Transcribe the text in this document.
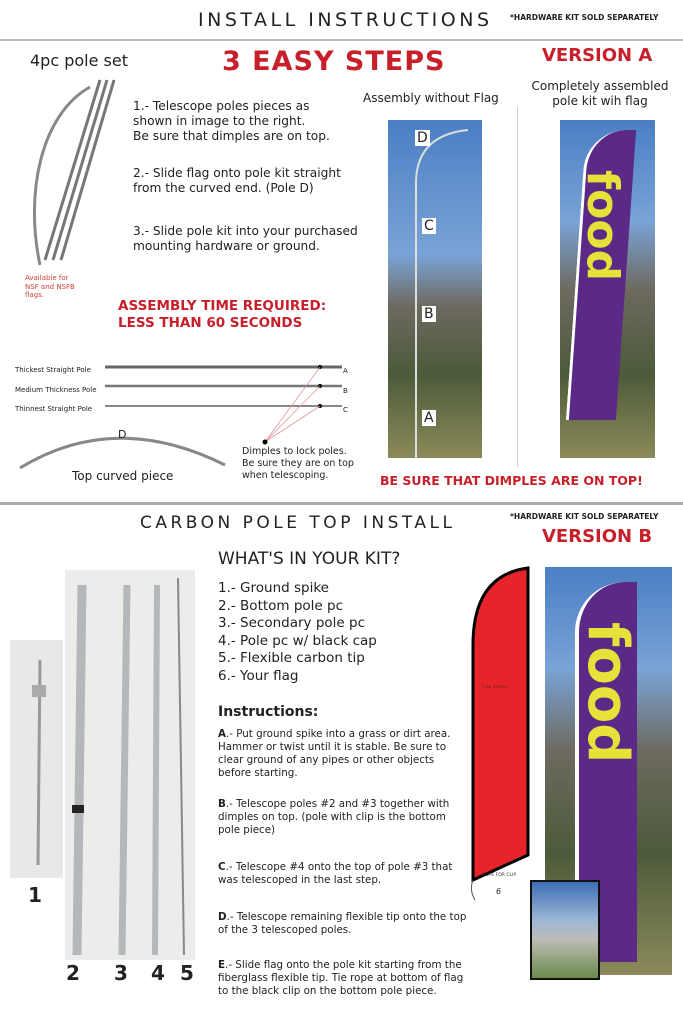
INSTALL INSTRUCTIONS *HARDWARE KIT SOLD SEPARATELY
4pc pole set	3 EASY STEPS	VERSION A
1.- Telescope poles pieces as
shown in image to the right.
Be sure that dimples are on top.
2.- Slide flag onto pole kit straight
from the curved end. (Pole D)
3.- Slide pole kit into your purchased
mounting hardware or ground.
Available for
NSF and NSFB
flags.
ASSEMBLY TIME REQUIRED:
LESS THAN 60 SECONDS
Thickest Straight Pole
Medium Thickness Pole
Thinnest Straight Pole
A
B
C
D
Top curved piece
Dimples to lock poles.
Be sure they are on top
when telescoping.
Assembly without Flag
Completely assembled
pole kit wih flag
D
C
B
A
food
BE SURE THAT DIMPLES ARE ON TOP!
CARBON POLE TOP INSTALL	*HARDWARE KIT SOLD SEPARATELY
VERSION B
WHAT'S IN YOUR KIT?
1.- Ground spike
2.- Bottom pole pc
3.- Secondary pole pc
4.- Pole pc w/ black cap
5.- Flexible carbon tip
6.- Your flag
Instructions:

A.- Put ground spike into a grass or dirt area. Hammer or twist until it is stable. Be sure to clear ground of any pipes or other objects before starting.

B.- Telescope poles #2 and #3 together with dimples on top. (pole with clip is the bottom pole piece)

C.- Telescope #4 onto the top of pole #3 that was telescoped in the last step.

D.- Telescope remaining flexible tip onto the top of the 3 telescoped poles.

E.- Slide flag onto the pole kit starting from the fiberglass flexible tip. Tie rope at bottom of flag to the black clip on the bottom pole piece.

1
2 3 4 5
Flag Sleeve
ROPE FOR CLIP
6
food
